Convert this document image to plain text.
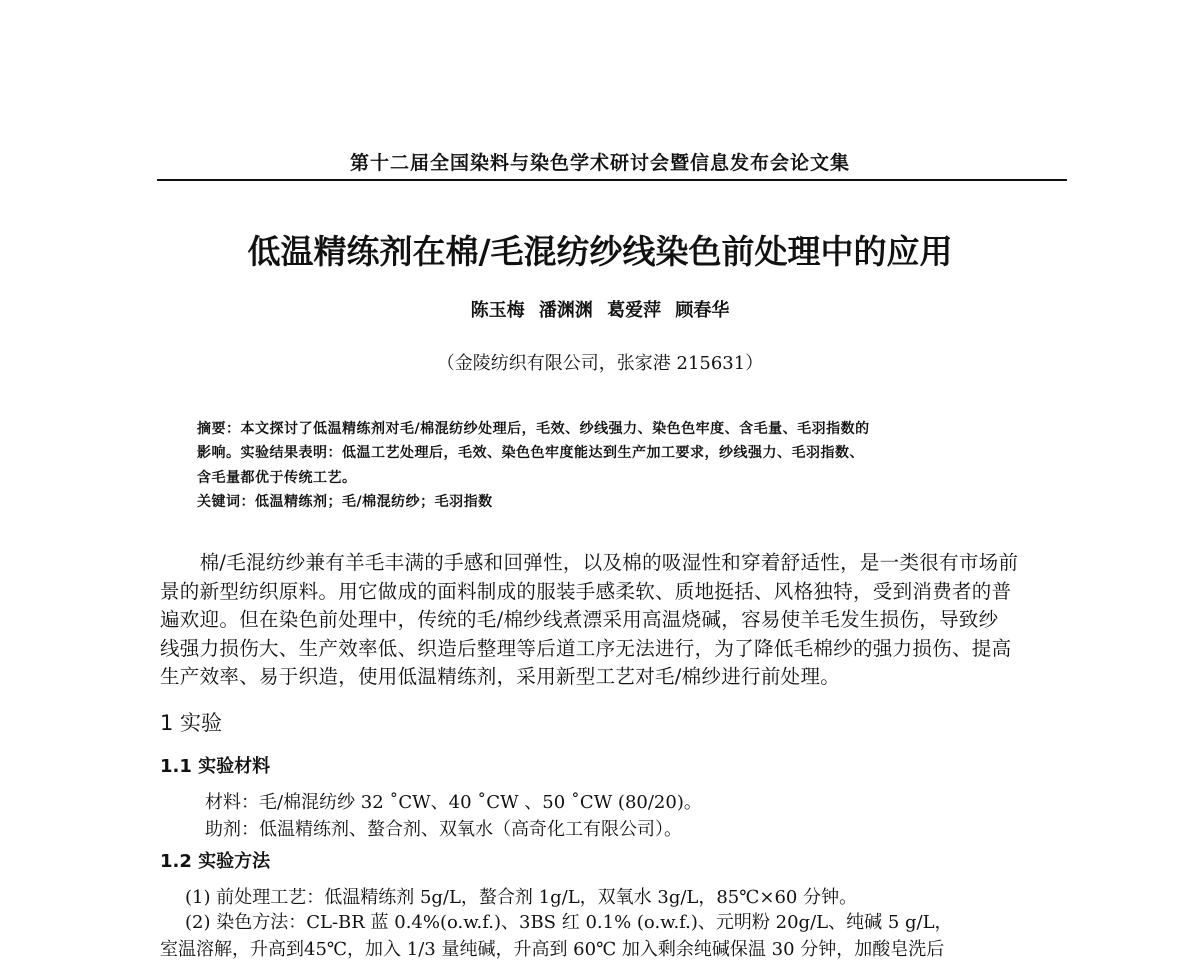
第十二届全国染料与染色学术研讨会暨信息发布会论文集
低温精练剂在棉/毛混纺纱线染色前处理中的应用
陈玉梅 潘渊渊 葛爱萍 顾春华
（金陵纺织有限公司，张家港 215631）
摘要：本文探讨了低温精练剂对毛/棉混纺纱处理后，毛效、纱线强力、染色色牢度、含毛量、毛羽指数的
影响。实验结果表明：低温工艺处理后，毛效、染色色牢度能达到生产加工要求，纱线强力、毛羽指数、
含毛量都优于传统工艺。
关键词：低温精练剂；毛/棉混纺纱；毛羽指数
　　棉/毛混纺纱兼有羊毛丰满的手感和回弹性，以及棉的吸湿性和穿着舒适性，是一类很有市场前
景的新型纺织原料。用它做成的面料制成的服装手感柔软、质地挺括、风格独特，受到消费者的普
遍欢迎。但在染色前处理中，传统的毛/棉纱线煮漂采用高温烧碱，容易使羊毛发生损伤，导致纱
线强力损伤大、生产效率低、织造后整理等后道工序无法进行，为了降低毛棉纱的强力损伤、提高
生产效率、易于织造，使用低温精练剂，采用新型工艺对毛/棉纱进行前处理。
1 实验
1.1 实验材料
材料：毛/棉混纺纱 32 ˚CW、40 ˚CW 、50 ˚CW (80/20)。
助剂：低温精练剂、螯合剂、双氧水（高奇化工有限公司）。
1.2 实验方法
(1) 前处理工艺：低温精练剂 5g/L，螯合剂 1g/L，双氧水 3g/L，85℃×60 分钟。
(2) 染色方法：CL-BR 蓝 0.4%(o.w.f.)、3BS 红 0.1% (o.w.f.)、元明粉 20g/L、纯碱 5 g/L，
室温溶解，升高到45℃，加入 1/3 量纯碱，升高到 60℃ 加入剩余纯碱保温 30 分钟，加酸皂洗后
